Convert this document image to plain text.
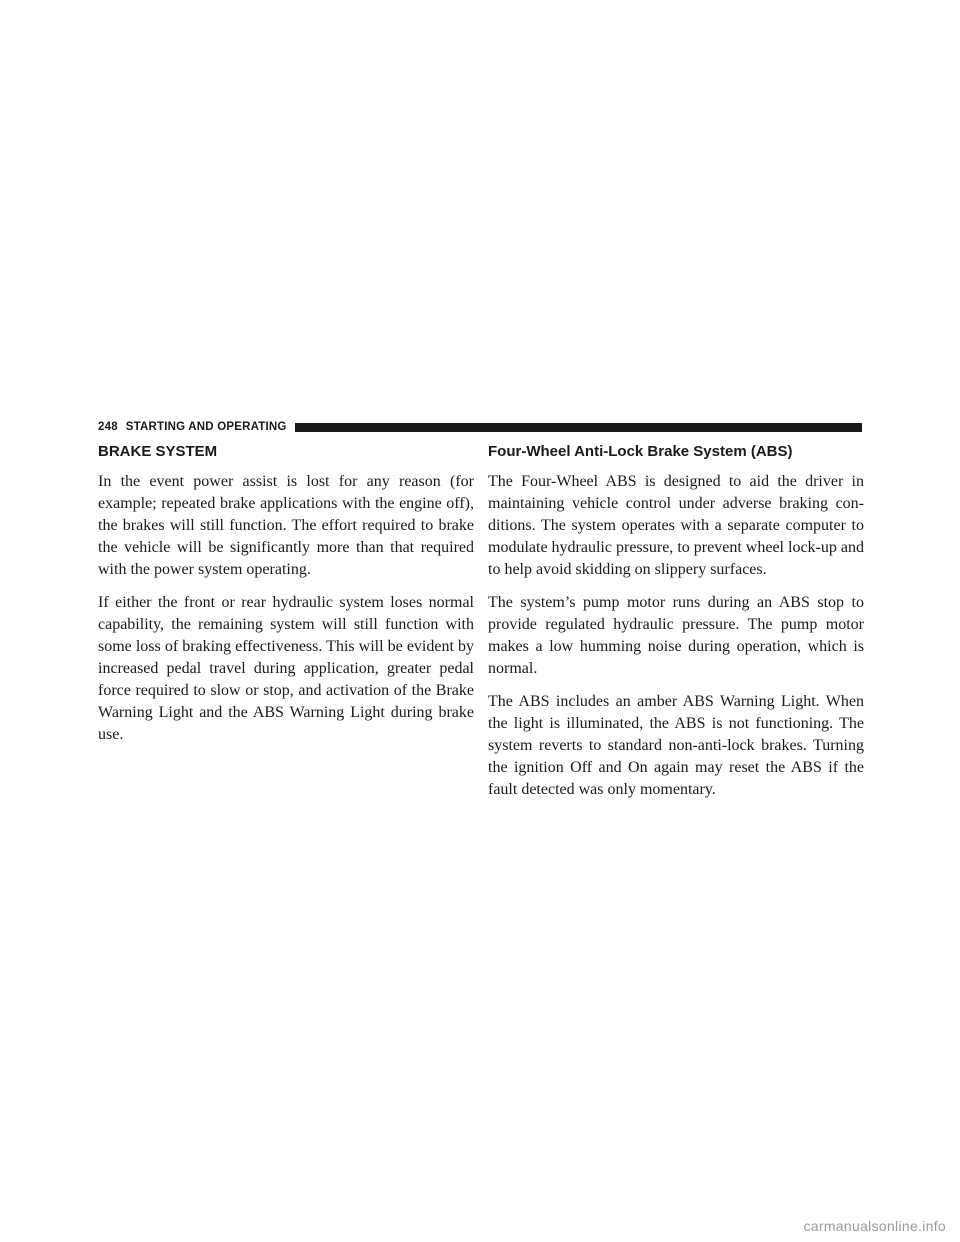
248 STARTING AND OPERATING
BRAKE SYSTEM

In the event power assist is lost for any reason (for example; repeated brake applications with the engine off), the brakes will still function. The effort required to brake the vehicle will be significantly more than that required with the power system operating.

If either the front or rear hydraulic system loses normal capability, the remaining system will still function with some loss of braking effectiveness. This will be evident by increased pedal travel during application, greater pedal force required to slow or stop, and activation of the Brake Warning Light and the ABS Warning Light during brake use.

Four-Wheel Anti-Lock Brake System (ABS)

The Four-Wheel ABS is designed to aid the driver in maintaining vehicle control under adverse braking con-ditions. The system operates with a separate computer to modulate hydraulic pressure, to prevent wheel lock-up and to help avoid skidding on slippery surfaces.

The system’s pump motor runs during an ABS stop to provide regulated hydraulic pressure. The pump motor makes a low humming noise during operation, which is normal.

The ABS includes an amber ABS Warning Light. When the light is illuminated, the ABS is not functioning. The system reverts to standard non-anti-lock brakes. Turning the ignition Off and On again may reset the ABS if the fault detected was only momentary.

carmanualsonline.info
